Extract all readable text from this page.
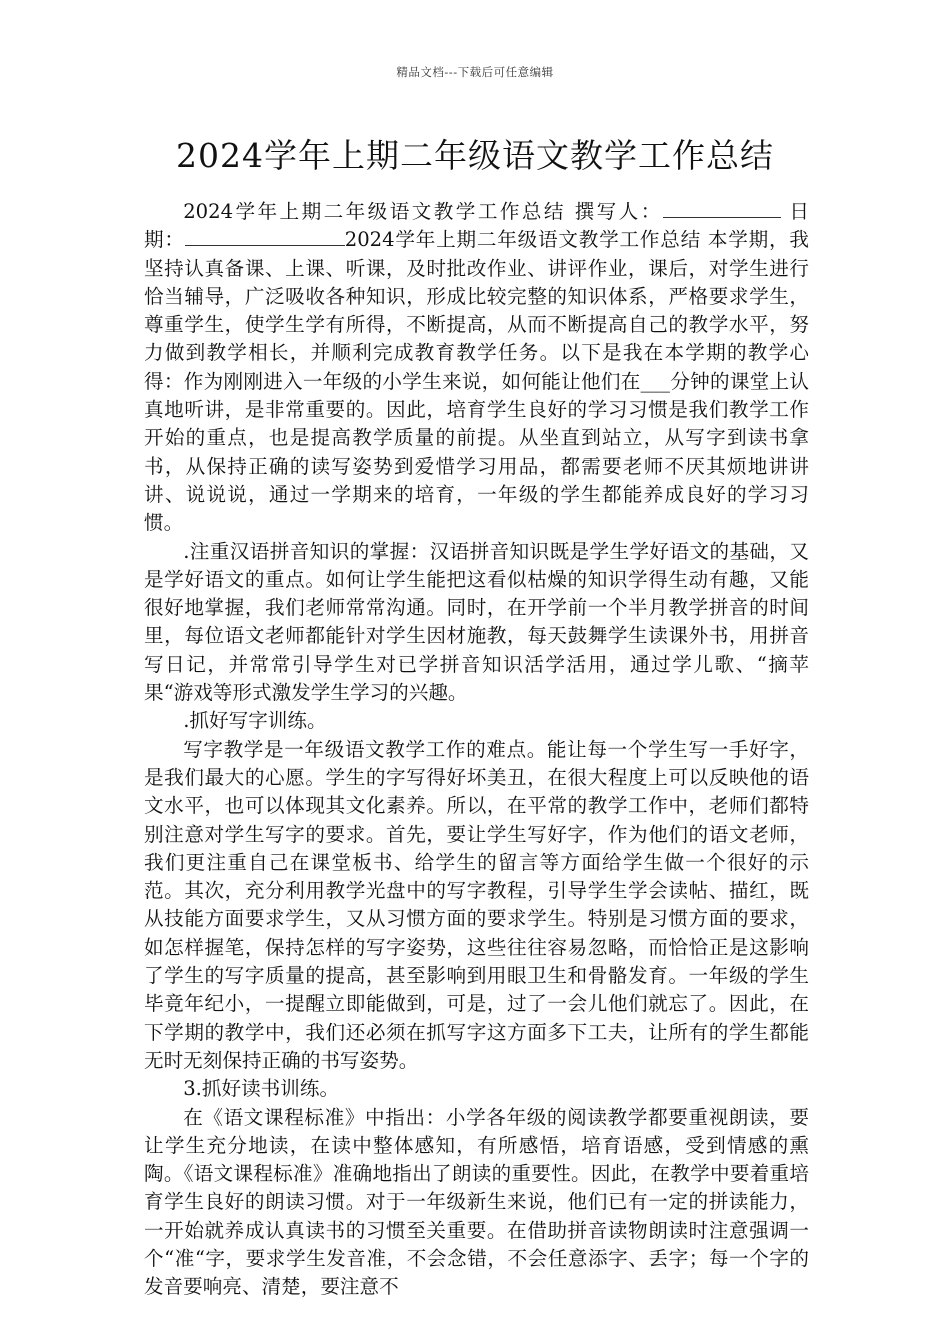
精品文档---下载后可任意编辑
2024学年上期二年级语文教学工作总结

2024学年上期二年级语文教学工作总结 撰写人：	日　期：	2024学年上期二年级语文教学工作总结 本学期，我坚持认真备课、上课、听课，及时批改作业、讲评作业，课后，对学生进行恰当辅导，广泛吸收各种知识，形成比较完整的知识体系，严格要求学生，尊重学生，使学生学有所得，不断提高，从而不断提高自己的教学水平，努力做到教学相长，并顺利完成教育教学任务。以下是我在本学期的教学心得：作为刚刚进入一年级的小学生来说，如何能让他们在___分钟的课堂上认真地听讲，是非常重要的。因此，培育学生良好的学习习惯是我们教学工作开始的重点，也是提高教学质量的前提。从坐直到站立，从写字到读书拿书，从保持正确的读写姿势到爱惜学习用品，都需要老师不厌其烦地讲讲讲、说说说，通过一学期来的培育，一年级的学生都能养成良好的学习习惯。

.注重汉语拼音知识的掌握：汉语拼音知识既是学生学好语文的基础，又是学好语文的重点。如何让学生能把这看似枯燥的知识学得生动有趣，又能很好地掌握，我们老师常常沟通。同时，在开学前一个半月教学拼音的时间里，每位语文老师都能针对学生因材施教，每天鼓舞学生读课外书，用拼音写日记，并常常引导学生对已学拼音知识活学活用，通过学儿歌、“摘苹果“游戏等形式激发学生学习的兴趣。

.抓好写字训练。

写字教学是一年级语文教学工作的难点。能让每一个学生写一手好字，是我们最大的心愿。学生的字写得好坏美丑，在很大程度上可以反映他的语文水平，也可以体现其文化素养。所以，在平常的教学工作中，老师们都特别注意对学生写字的要求。首先，要让学生写好字，作为他们的语文老师，我们更注重自己在课堂板书、给学生的留言等方面给学生做一个很好的示范。其次，充分利用教学光盘中的写字教程，引导学生学会读帖、描红，既从技能方面要求学生，又从习惯方面的要求学生。特别是习惯方面的要求，如怎样握笔，保持怎样的写字姿势，这些往往容易忽略，而恰恰正是这影响了学生的写字质量的提高，甚至影响到用眼卫生和骨骼发育。一年级的学生毕竟年纪小，一提醒立即能做到，可是，过了一会儿他们就忘了。因此，在下学期的教学中，我们还必须在抓写字这方面多下工夫，让所有的学生都能无时无刻保持正确的书写姿势。

3.抓好读书训练。

在《语文课程标准》中指出：小学各年级的阅读教学都要重视朗读，要让学生充分地读，在读中整体感知，有所感悟，培育语感，受到情感的熏陶。《语文课程标准》准确地指出了朗读的重要性。因此，在教学中要着重培育学生良好的朗读习惯。对于一年级新生来说，他们已有一定的拼读能力，一开始就养成认真读书的习惯至关重要。在借助拼音读物朗读时注意强调一个“准“字，要求学生发音准，不会念错，不会任意添字、丢字；每一个字的发音要响亮、清楚，要注意不
